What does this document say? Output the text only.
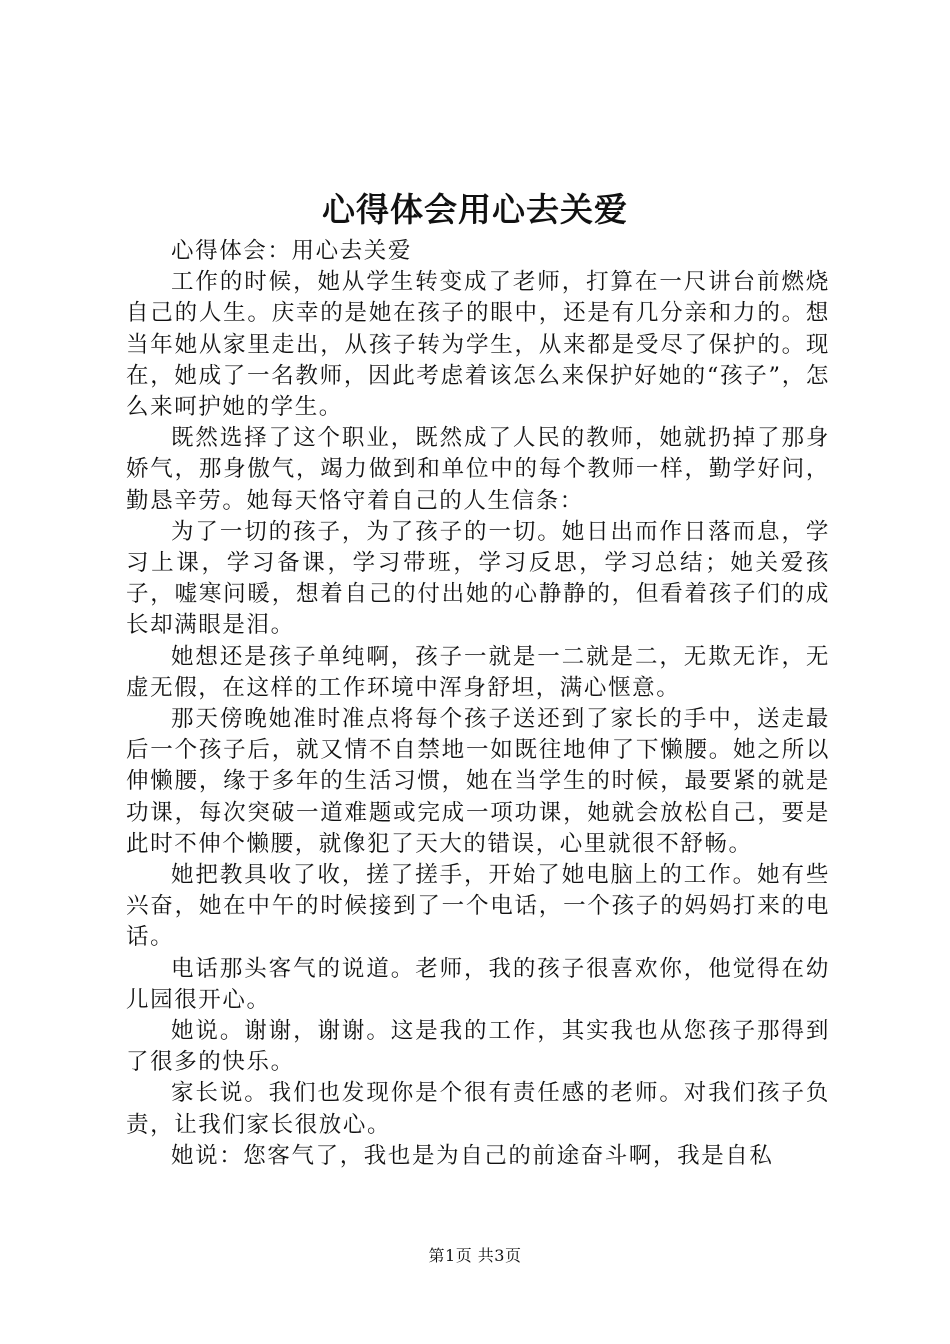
心得体会用心去关爱

心得体会：用心去关爱

工作的时候，她从学生转变成了老师，打算在一尺讲台前燃烧自己的人生。庆幸的是她在孩子的眼中，还是有几分亲和力的。想当年她从家里走出，从孩子转为学生，从来都是受尽了保护的。现在，她成了一名教师，因此考虑着该怎么来保护好她的“孩子”，怎么来呵护她的学生。

既然选择了这个职业，既然成了人民的教师，她就扔掉了那身娇气，那身傲气，竭力做到和单位中的每个教师一样，勤学好问，勤恳辛劳。她每天恪守着自己的人生信条：

为了一切的孩子，为了孩子的一切。她日出而作日落而息，学习上课，学习备课，学习带班，学习反思，学习总结；她关爱孩子，嘘寒问暖，想着自己的付出她的心静静的，但看着孩子们的成长却满眼是泪。

她想还是孩子单纯啊，孩子一就是一二就是二，无欺无诈，无虚无假，在这样的工作环境中浑身舒坦，满心惬意。

那天傍晚她准时准点将每个孩子送还到了家长的手中，送走最后一个孩子后，就又情不自禁地一如既往地伸了下懒腰。她之所以伸懒腰，缘于多年的生活习惯，她在当学生的时候，最要紧的就是功课，每次突破一道难题或完成一项功课，她就会放松自己，要是此时不伸个懒腰，就像犯了天大的错误，心里就很不舒畅。

她把教具收了收，搓了搓手，开始了她电脑上的工作。她有些兴奋，她在中午的时候接到了一个电话，一个孩子的妈妈打来的电话。

电话那头客气的说道。老师，我的孩子很喜欢你，他觉得在幼儿园很开心。

她说。谢谢，谢谢。这是我的工作，其实我也从您孩子那得到了很多的快乐。

家长说。我们也发现你是个很有责任感的老师。对我们孩子负责，让我们家长很放心。

她说：您客气了，我也是为自己的前途奋斗啊，我是自私

第1页 共3页
